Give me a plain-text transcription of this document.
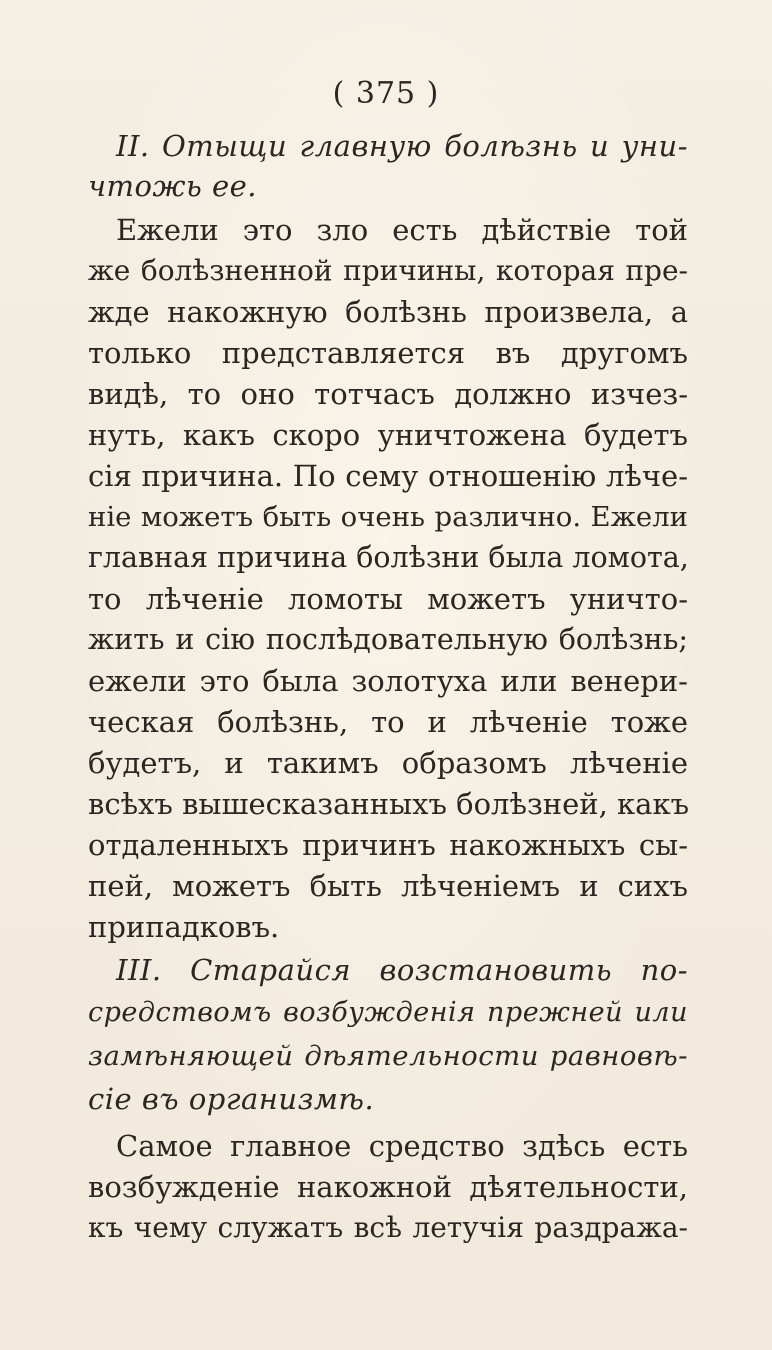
( 375 )
II. Отыщи главную болѣзнь и уни-
чтожь ее.
Ежели это зло есть дѣйствіе той
же болѣзненной причины, которая пре-
жде накожную болѣзнь произвела, а
только представляется въ другомъ
видѣ, то оно тотчасъ должно изчез-
нуть, какъ скоро уничтожена будетъ
сія причина. По сему отношенію лѣче-
ніе можетъ быть очень различно. Ежели
главная причина болѣзни была ломота,
то лѣченіе ломоты можетъ уничто-
жить и сію послѣдовательную болѣзнь;
ежели это была золотуха или венери-
ческая болѣзнь, то и лѣченіе тоже
будетъ, и такимъ образомъ лѣченіе
всѣхъ вышесказанныхъ болѣзней, какъ
отдаленныхъ причинъ накожныхъ сы-
пей, можетъ быть лѣченіемъ и сихъ
припадковъ.
III. Старайся возстановить по-
средствомъ возбужденія прежней или
замѣняющей дѣятельности равновѣ-
сіе въ организмѣ.
Самое главное средство здѣсь есть
возбужденіе накожной дѣятельности,
къ чему служатъ всѣ летучія раздража-
